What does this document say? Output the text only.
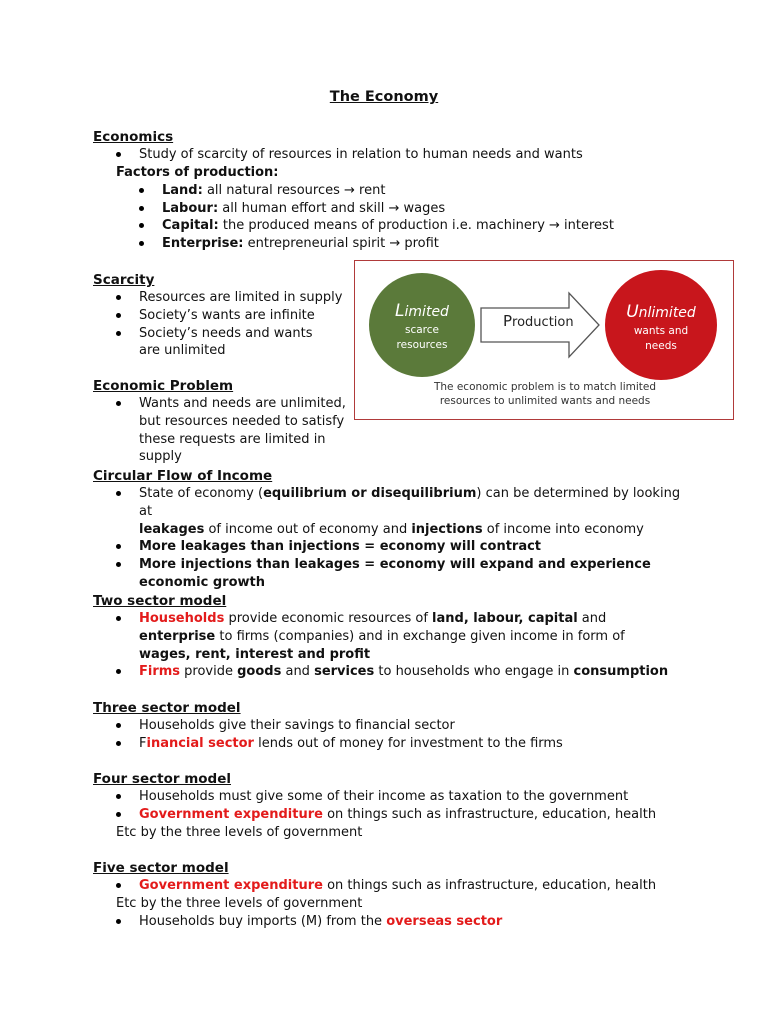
The Economy
Economics
Study of scarcity of resources in relation to human needs and wants
Factors of production:
Land: all natural resources → rent
Labour: all human effort and skill → wages
Capital: the produced means of production i.e. machinery → interest
Enterprise: entrepreneurial spirit → profit
Scarcity
Resources are limited in supply
Society’s wants are infinite
Society’s needs and wants are unlimited
Economic Problem
Wants and needs are unlimited, but resources needed to satisfy these requests are limited in supply
Limited
scarce
resources
Production
Unlimited
wants and
needs
The economic problem is to match limited
resources to unlimited wants and needs
Circular Flow of Income
State of economy (equilibrium or disequilibrium) can be determined by looking at
leakages of income out of economy and injections of income into economy
More leakages than injections = economy will contract
More injections than leakages = economy will expand and experience economic growth
Two sector model
Households provide economic resources of land, labour, capital and enterprise to firms (companies) and in exchange given income in form of wages, rent, interest and profit
Firms provide goods and services to households who engage in consumption
Three sector model
Households give their savings to financial sector
Financial sector lends out of money for investment to the firms
Four sector model
Households must give some of their income as taxation to the government
Government expenditure on things such as infrastructure, education, health
Etc by the three levels of government
Five sector model
Government expenditure on things such as infrastructure, education, health
Etc by the three levels of government
Households buy imports (M) from the overseas sector
